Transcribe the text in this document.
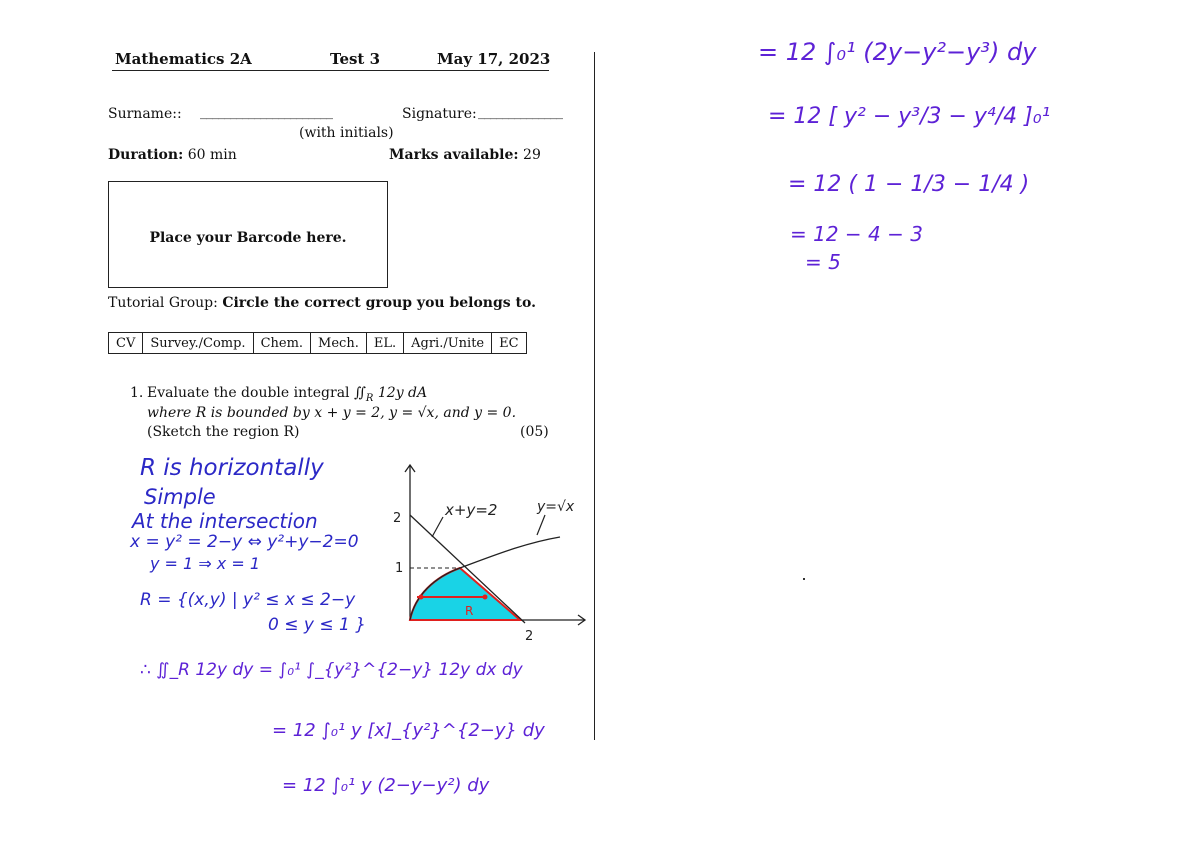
Mathematics 2A	Test 3	May 17, 2023
Surname:: ______________________	Signature: ______________
(with initials)
Duration: 60 min	Marks available: 29
Place your Barcode here.
Tutorial Group: Circle the correct group you belongs to.
CV	Survey./Comp.	Chem.	Mech.	EL.	Agri./Unite	EC
1. Evaluate the double integral $∬_R$ 12y dA
where R is bounded by x + y = 2, y = √x, and y = 0.
(Sketch the region R)	(05)
R is horizontally
Simple
At the intersection
x = y² = 2−y ⇔ y²+y−2=0
y = 1 ⇒ x = 1
R = {(x,y) | y² ≤ x ≤ 2−y
0 ≤ y ≤ 1 }
∴ ∬_R 12y dy = ∫₀¹ ∫_{y²}^{2−y} 12y dx dy
= 12 ∫₀¹ y [x]_{y²}^{2−y} dy
= 12 ∫₀¹ y (2−y−y²) dy
2
1
2
x+y=2	y=√x
R
= 12 ∫₀¹ (2y−y²−y³) dy
= 12 [ y² − y³/3 − y⁴/4 ]₀¹
= 12 ( 1 − 1/3 − 1/4 )
= 12 − 4 − 3
= 5
